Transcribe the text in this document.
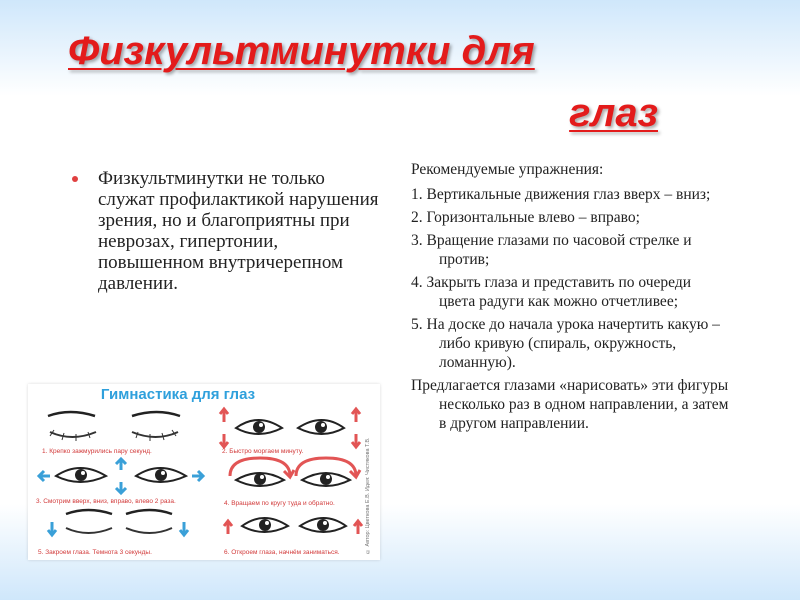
Физкультминутки для
глаз
Физкультминутки не только служат профилактикой нарушения зрения, но и благоприятны при неврозах, гипертонии, повышенном внутричерепном давлении.

Рекомендуемые упражнения:

1. Вертикальные движения глаз вверх – вниз;

2. Горизонтальные влево – вправо;

3. Вращение глазами по часовой стрелке и против;

4. Закрыть глаза и представить по очереди цвета радуги как можно отчетливее;

5. На доске до начала урока начертить какую – либо кривую (спираль, окружность, ломанную).

Предлагается глазами «нарисовать» эти фигуры несколько раз в одном направлении, а затем в другом направлении.

Гимнастика для глаз
1. Крепко зажмурились пару секунд.	2. Быстро моргаем минуту.
3. Смотрим вверх, вниз, вправо, влево 2 раза.	4. Вращаем по кругу туда и обратно.
5. Закроем глаза. Темнота 3 секунды.	6. Откроем глаза, начнём заниматься.	© Автор: Цветкова Е.В. Идея: Чистякова Т.В.
